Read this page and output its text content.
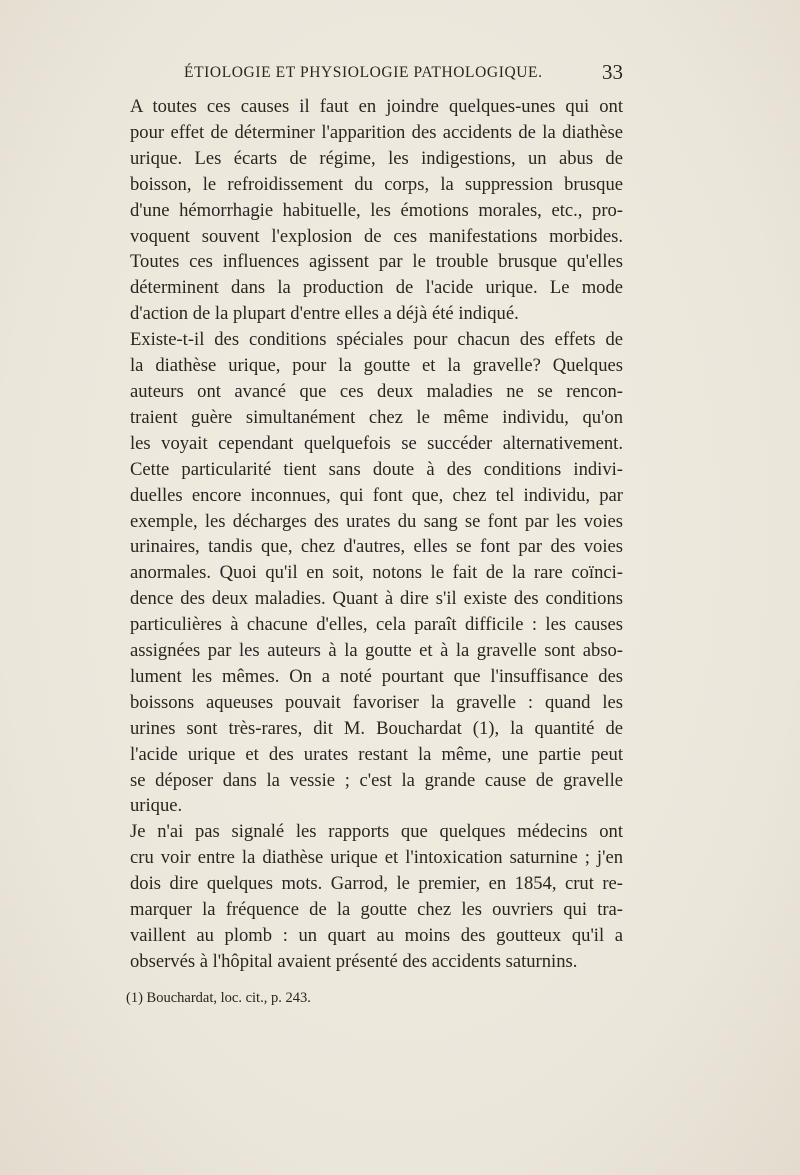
ÉTIOLOGIE ET PHYSIOLOGIE PATHOLOGIQUE.	33
A toutes ces causes il faut en joindre quelques-unes qui ont
pour effet de déterminer l'apparition des accidents de la diathèse
urique. Les écarts de régime, les indigestions, un abus de
boisson, le refroidissement du corps, la suppression brusque
d'une hémorrhagie habituelle, les émotions morales, etc., pro-
voquent souvent l'explosion de ces manifestations morbides.
Toutes ces influences agissent par le trouble brusque qu'elles
déterminent dans la production de l'acide urique. Le mode
d'action de la plupart d'entre elles a déjà été indiqué.
Existe-t-il des conditions spéciales pour chacun des effets de
la diathèse urique, pour la goutte et la gravelle? Quelques
auteurs ont avancé que ces deux maladies ne se rencon-
traient guère simultanément chez le même individu, qu'on
les voyait cependant quelquefois se succéder alternativement.
Cette particularité tient sans doute à des conditions indivi-
duelles encore inconnues, qui font que, chez tel individu, par
exemple, les décharges des urates du sang se font par les voies
urinaires, tandis que, chez d'autres, elles se font par des voies
anormales. Quoi qu'il en soit, notons le fait de la rare coïnci-
dence des deux maladies. Quant à dire s'il existe des conditions
particulières à chacune d'elles, cela paraît difficile : les causes
assignées par les auteurs à la goutte et à la gravelle sont abso-
lument les mêmes. On a noté pourtant que l'insuffisance des
boissons aqueuses pouvait favoriser la gravelle : quand les
urines sont très-rares, dit M. Bouchardat (1), la quantité de
l'acide urique et des urates restant la même, une partie peut
se déposer dans la vessie ; c'est la grande cause de gravelle
urique.
Je n'ai pas signalé les rapports que quelques médecins ont
cru voir entre la diathèse urique et l'intoxication saturnine ; j'en
dois dire quelques mots. Garrod, le premier, en 1854, crut re-
marquer la fréquence de la goutte chez les ouvriers qui tra-
vaillent au plomb : un quart au moins des goutteux qu'il a
observés à l'hôpital avaient présenté des accidents saturnins.
(1) Bouchardat, loc. cit., p. 243.
